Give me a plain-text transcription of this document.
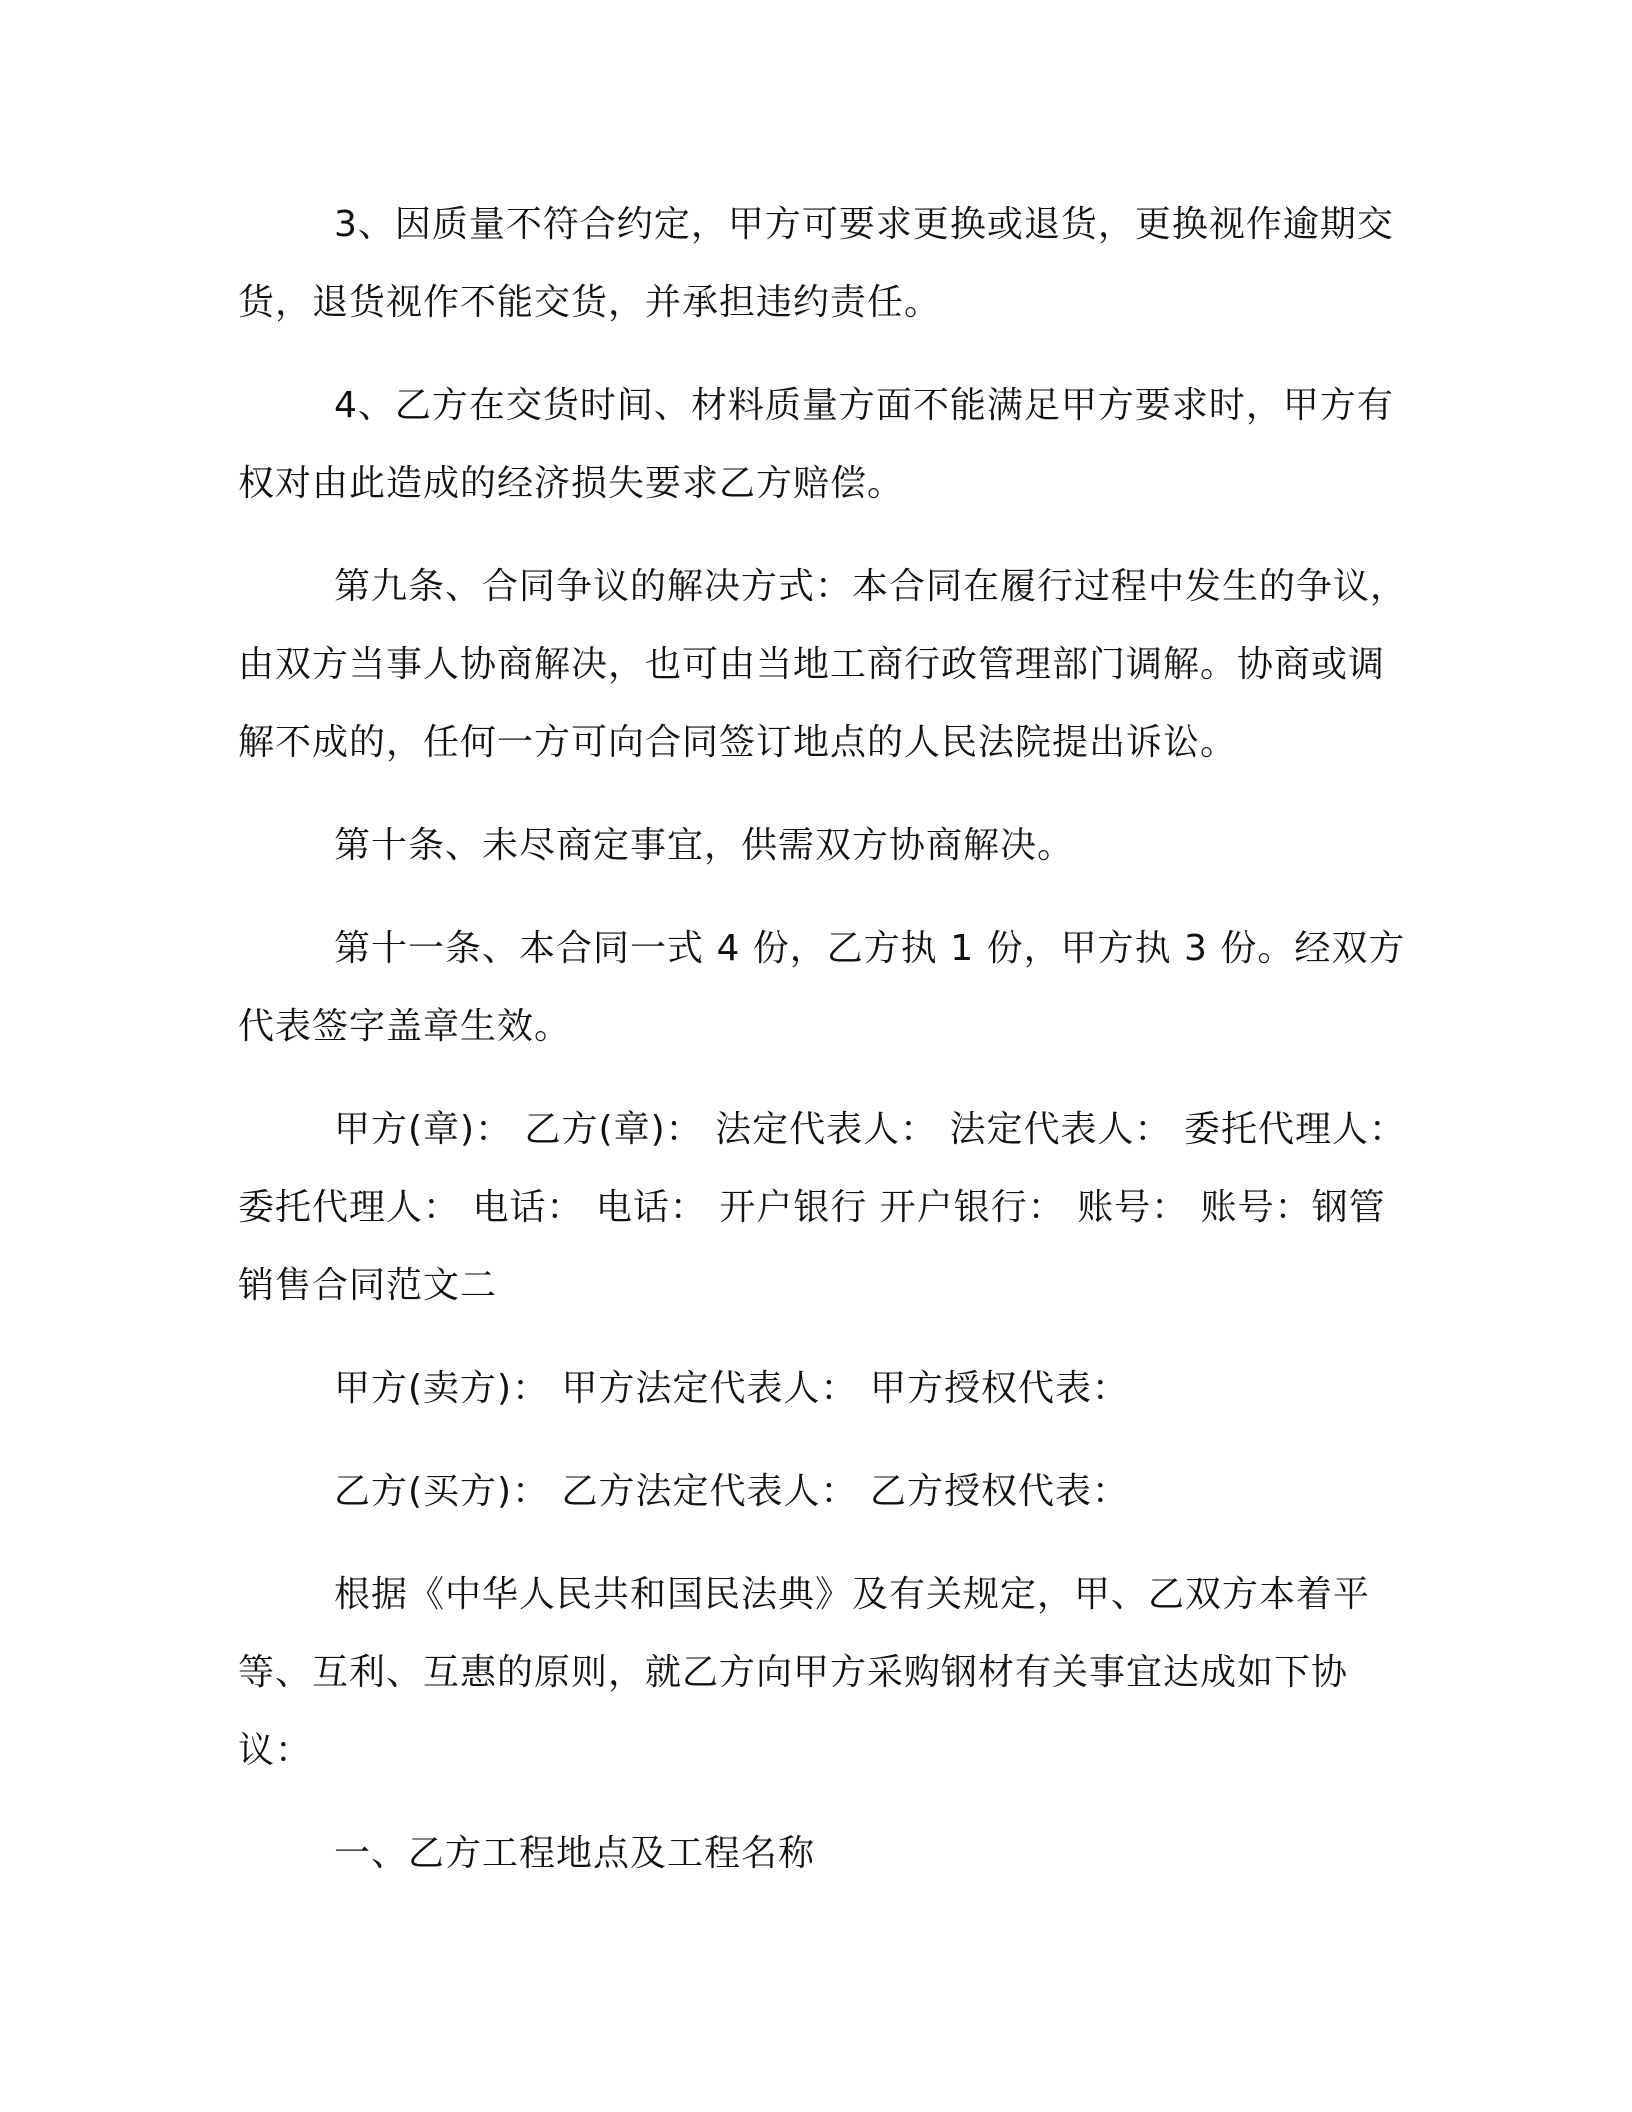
3、因质量不符合约定，甲方可要求更换或退货，更换视作逾期交货，退货视作不能交货，并承担违约责任。

4、乙方在交货时间、材料质量方面不能满足甲方要求时，甲方有权对由此造成的经济损失要求乙方赔偿。

第九条、合同争议的解决方式：本合同在履行过程中发生的争议，由双方当事人协商解决，也可由当地工商行政管理部门调解。协商或调解不成的，任何一方可向合同签订地点的人民法院提出诉讼。

第十条、未尽商定事宜，供需双方协商解决。

第十一条、本合同一式 4 份，乙方执 1 份，甲方执 3 份。经双方代表签字盖章生效。

甲方(章)： 乙方(章)： 法定代表人： 法定代表人： 委托代理人： 委托代理人： 电话： 电话： 开户银行 开户银行： 账号： 账号：钢管销售合同范文二

甲方(卖方)： 甲方法定代表人： 甲方授权代表：

乙方(买方)： 乙方法定代表人： 乙方授权代表：

根据《中华人民共和国民法典》及有关规定，甲、乙双方本着平等、互利、互惠的原则，就乙方向甲方采购钢材有关事宜达成如下协议：

一、乙方工程地点及工程名称
